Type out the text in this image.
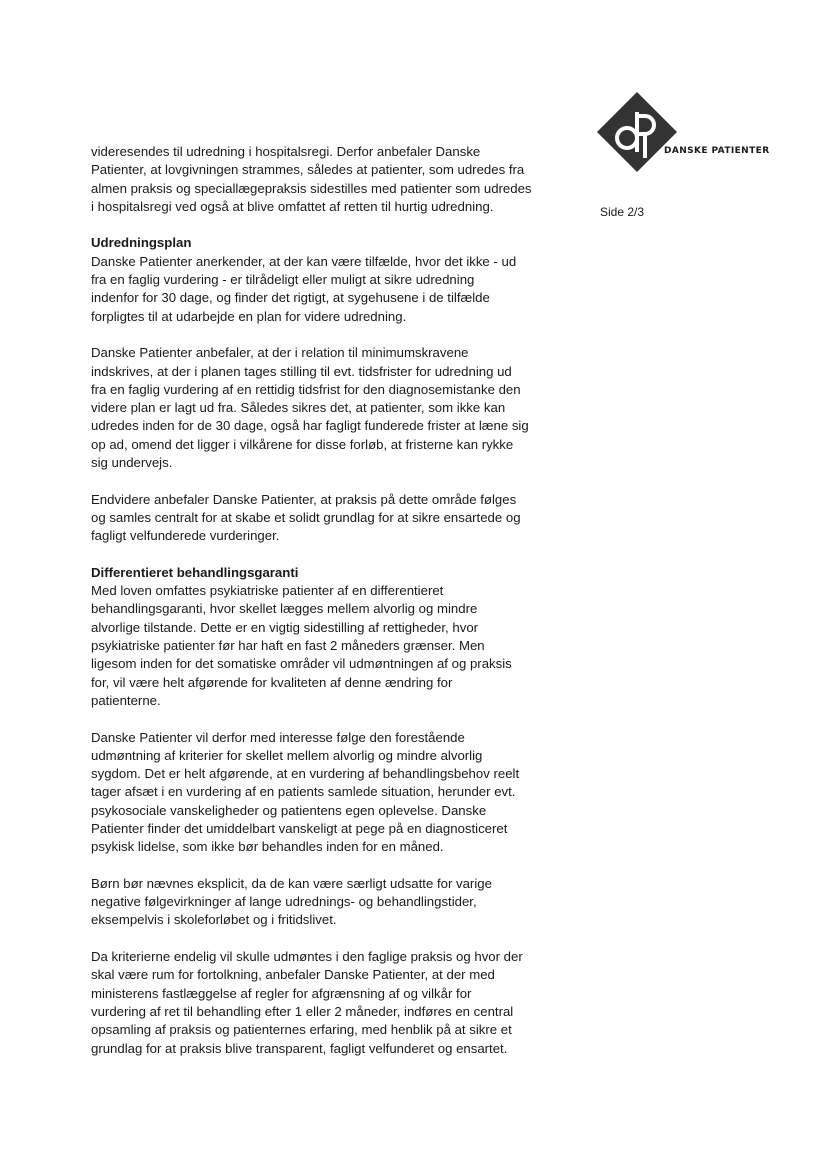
DANSKE PATIENTER
Side 2/3
videresendes til udredning i hospitalsregi. Derfor anbefaler Danske
Patienter, at lovgivningen strammes, således at patienter, som udredes fra
almen praksis og speciallægepraksis sidestilles med patienter som udredes
i hospitalsregi ved også at blive omfattet af retten til hurtig udredning.
Udredningsplan
Danske Patienter anerkender, at der kan være tilfælde, hvor det ikke - ud
fra en faglig vurdering - er tilrådeligt eller muligt at sikre udredning
indenfor for 30 dage, og finder det rigtigt, at sygehusene i de tilfælde
forpligtes til at udarbejde en plan for videre udredning.
Danske Patienter anbefaler, at der i relation til minimumskravene
indskrives, at der i planen tages stilling til evt. tidsfrister for udredning ud
fra en faglig vurdering af en rettidig tidsfrist for den diagnosemistanke den
videre plan er lagt ud fra. Således sikres det, at patienter, som ikke kan
udredes inden for de 30 dage, også har fagligt funderede frister at læne sig
op ad, omend det ligger i vilkårene for disse forløb, at fristerne kan rykke
sig undervejs.
Endvidere anbefaler Danske Patienter, at praksis på dette område følges
og samles centralt for at skabe et solidt grundlag for at sikre ensartede og
fagligt velfunderede vurderinger.
Differentieret behandlingsgaranti
Med loven omfattes psykiatriske patienter af en differentieret
behandlingsgaranti, hvor skellet lægges mellem alvorlig og mindre
alvorlige tilstande. Dette er en vigtig sidestilling af rettigheder, hvor
psykiatriske patienter før har haft en fast 2 måneders grænser. Men
ligesom inden for det somatiske områder vil udmøntningen af og praksis
for, vil være helt afgørende for kvaliteten af denne ændring for
patienterne.
Danske Patienter vil derfor med interesse følge den forestående
udmøntning af kriterier for skellet mellem alvorlig og mindre alvorlig
sygdom. Det er helt afgørende, at en vurdering af behandlingsbehov reelt
tager afsæt i en vurdering af en patients samlede situation, herunder evt.
psykosociale vanskeligheder og patientens egen oplevelse. Danske
Patienter finder det umiddelbart vanskeligt at pege på en diagnosticeret
psykisk lidelse, som ikke bør behandles inden for en måned.
Børn bør nævnes eksplicit, da de kan være særligt udsatte for varige
negative følgevirkninger af lange udrednings- og behandlingstider,
eksempelvis i skoleforløbet og i fritidslivet.
Da kriterierne endelig vil skulle udmøntes i den faglige praksis og hvor der
skal være rum for fortolkning, anbefaler Danske Patienter, at der med
ministerens fastlæggelse af regler for afgrænsning af og vilkår for
vurdering af ret til behandling efter 1 eller 2 måneder, indføres en central
opsamling af praksis og patienternes erfaring, med henblik på at sikre et
grundlag for at praksis blive transparent, fagligt velfunderet og ensartet.
